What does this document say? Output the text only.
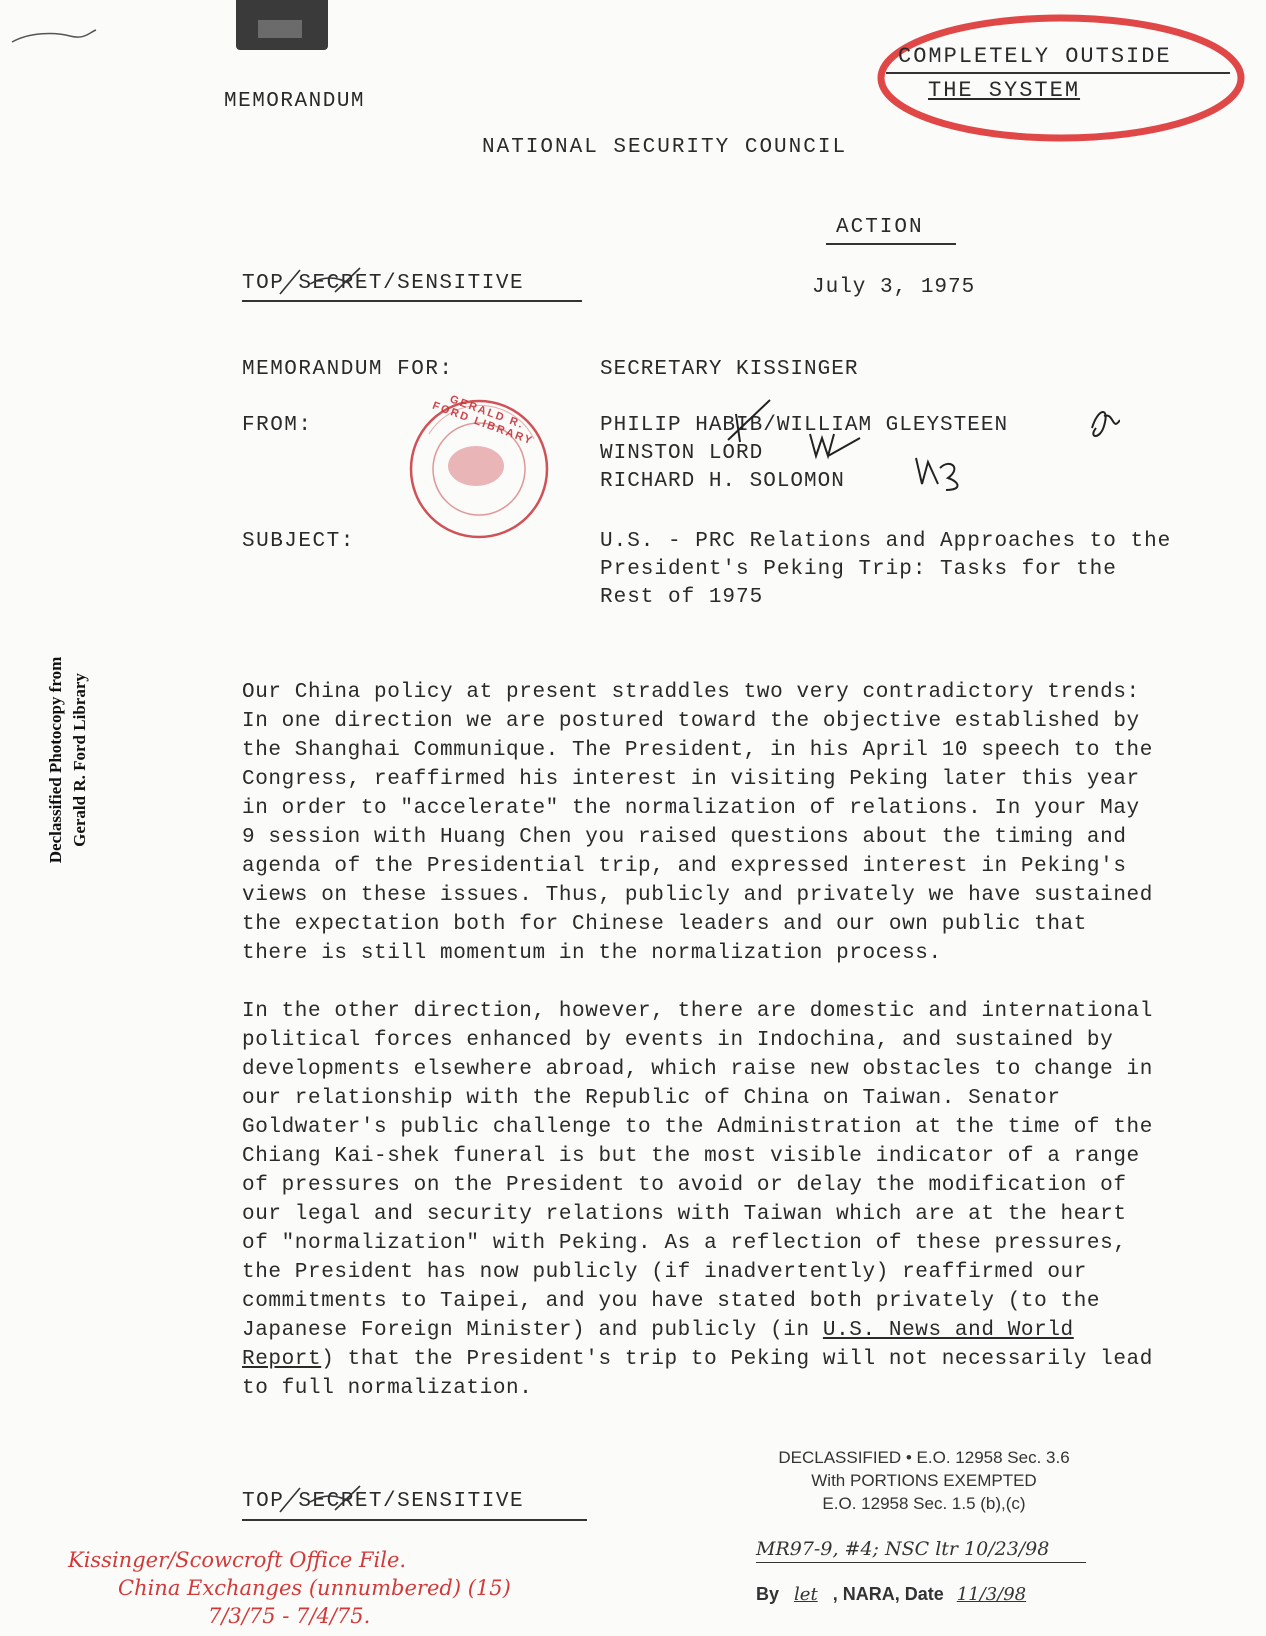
MEMORANDUM
COMPLETELY OUTSIDE
THE SYSTEM
NATIONAL SECURITY COUNCIL
ACTION
TOP SECRET/SENSITIVE	July 3, 1975
MEMORANDUM FOR:	SECRETARY KISSINGER
FROM:	PHILIP HABIB/WILLIAM GLEYSTEEN
WINSTON LORD
RICHARD H. SOLOMON
GERALD R. FORD LIBRARY
SUBJECT:	U.S. - PRC Relations and Approaches to the
President's Peking Trip: Tasks for the
Rest of 1975
Declassified Photocopy from Gerald R. Ford Library	Our China policy at present straddles two very contradictory trends: In one direction we are postured toward the objective established by the Shanghai Communique. The President, in his April 10 speech to the Congress, reaffirmed his interest in visiting Peking later this year in order to "accelerate" the normalization of relations. In your May 9 session with Huang Chen you raised questions about the timing and agenda of the Presidential trip, and expressed interest in Peking's views on these issues. Thus, publicly and privately we have sustained the expectation both for Chinese leaders and our own public that there is still momentum in the normalization process.

In the other direction, however, there are domestic and international political forces enhanced by events in Indochina, and sustained by developments elsewhere abroad, which raise new obstacles to change in our relationship with the Republic of China on Taiwan. Senator Goldwater's public challenge to the Administration at the time of the Chiang Kai-shek funeral is but the most visible indicator of a range of pressures on the President to avoid or delay the modification of our legal and security relations with Taiwan which are at the heart of "normalization" with Peking. As a reflection of these pressures, the President has now publicly (if inadvertently) reaffirmed our commitments to Taipei, and you have stated both privately (to the Japanese Foreign Minister) and publicly (in U.S. News and World Report) that the President's trip to Peking will not necessarily lead to full normalization.

TOP SECRET/SENSITIVE
DECLASSIFIED • E.O. 12958 Sec. 3.6
With PORTIONS EXEMPTED
E.O. 12958 Sec. 1.5 (b),(c)
MR97-9, #4; NSC ltr 10/23/98
By let , NARA, Date 11/3/98
Kissinger/Scowcroft Office File.
China Exchanges (unnumbered) (15)
7/3/75 - 7/4/75.
